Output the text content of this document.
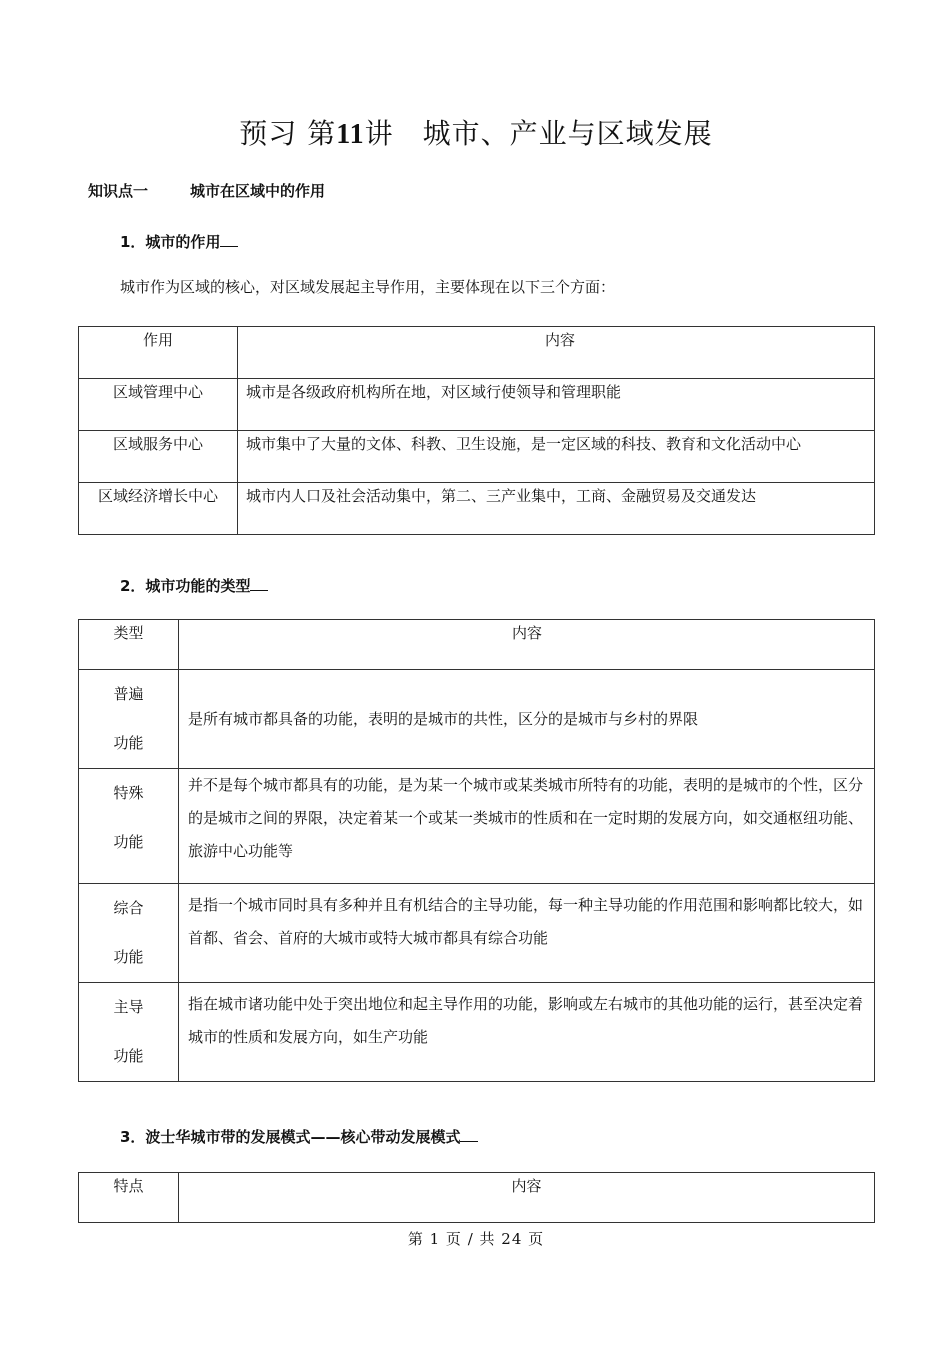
预习 第11讲　城市、产业与区域发展
知识点一	城市在区域中的作用
1．城市的作用
城市作为区域的核心，对区域发展起主导作用，主要体现在以下三个方面：
作用	内容
区域管理中心	城市是各级政府机构所在地，对区域行使领导和管理职能
区域服务中心	城市集中了大量的文体、科教、卫生设施，是一定区域的科技、教育和文化活动中心
区域经济增长中心	城市内人口及社会活动集中，第二、三产业集中，工商、金融贸易及交通发达
2．城市功能的类型
类型	内容

普遍
功能	是所有城市都具备的功能，表明的是城市的共性，区分的是城市与乡村的界限

特殊
功能	并不是每个城市都具有的功能，是为某一个城市或某类城市所特有的功能，表明的是城市的个性，区分的是城市之间的界限，决定着某一个或某一类城市的性质和在一定时期的发展方向，如交通枢纽功能、旅游中心功能等

综合
功能	是指一个城市同时具有多种并且有机结合的主导功能，每一种主导功能的作用范围和影响都比较大，如首都、省会、首府的大城市或特大城市都具有综合功能

主导
功能	指在城市诸功能中处于突出地位和起主导作用的功能，影响或左右城市的其他功能的运行，甚至决定着城市的性质和发展方向，如生产功能
3．波士华城市带的发展模式——核心带动发展模式
特点	内容
第 1 页 / 共 24 页
